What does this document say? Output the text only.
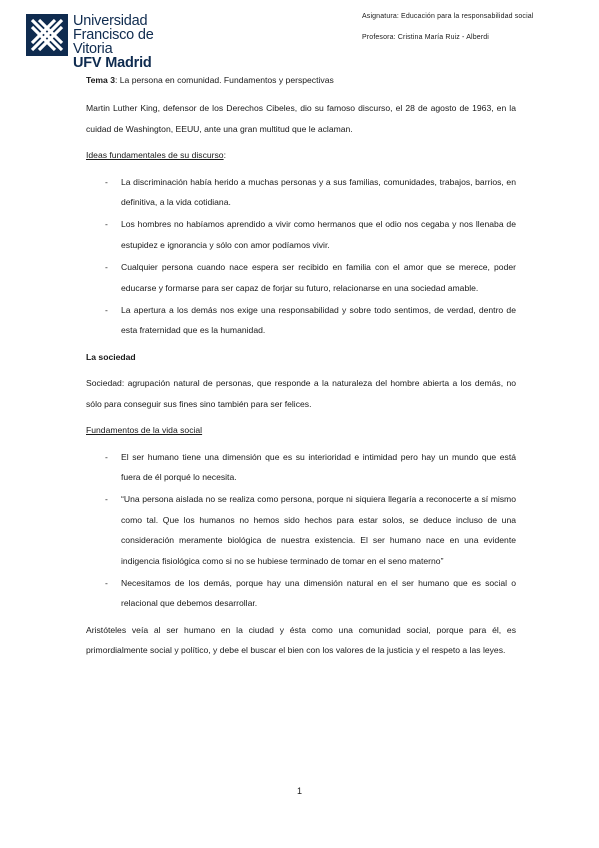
Universidad
Francisco de Vitoria
UFV Madrid
Asignatura: Educación para la responsabilidad social
Profesora: Cristina María Ruiz - Alberdi

Tema 3: La persona en comunidad. Fundamentos y perspectivas

Martin Luther King, defensor de los Derechos Cibeles, dio su famoso discurso, el 28 de agosto de 1963, en la cuidad de Washington, EEUU, ante una gran multitud que le aclaman.

Ideas fundamentales de su discurso:

- La discriminación había herido a muchas personas y a sus familias, comunidades, trabajos, barrios, en definitiva, a la vida cotidiana.
- Los hombres no habíamos aprendido a vivir como hermanos que el odio nos cegaba y nos llenaba de estupidez e ignorancia y sólo con amor podíamos vivir.
- Cualquier persona cuando nace espera ser recibido en familia con el amor que se merece, poder educarse y formarse para ser capaz de forjar su futuro, relacionarse en una sociedad amable.
- La apertura a los demás nos exige una responsabilidad y sobre todo sentimos, de verdad, dentro de esta fraternidad que es la humanidad.

La sociedad

Sociedad: agrupación natural de personas, que responde a la naturaleza del hombre abierta a los demás, no sólo para conseguir sus fines sino también para ser felices.

Fundamentos de la vida social

- El ser humano tiene una dimensión que es su interioridad e intimidad pero hay un mundo que está fuera de él porqué lo necesita.
- “Una persona aislada no se realiza como persona, porque ni siquiera llegaría a reconocerte a sí mismo como tal. Que los humanos no hemos sido hechos para estar solos, se deduce incluso de una consideración meramente biológica de nuestra existencia. El ser humano nace en una evidente indigencia fisiológica como si no se hubiese terminado de tomar en el seno materno”
- Necesitamos de los demás, porque hay una dimensión natural en el ser humano que es social o relacional que debemos desarrollar.

Aristóteles veía al ser humano en la ciudad y ésta como una comunidad social, porque para él, es primordialmente social y político, y debe el buscar el bien con los valores de la justicia y el respeto a las leyes.

1
